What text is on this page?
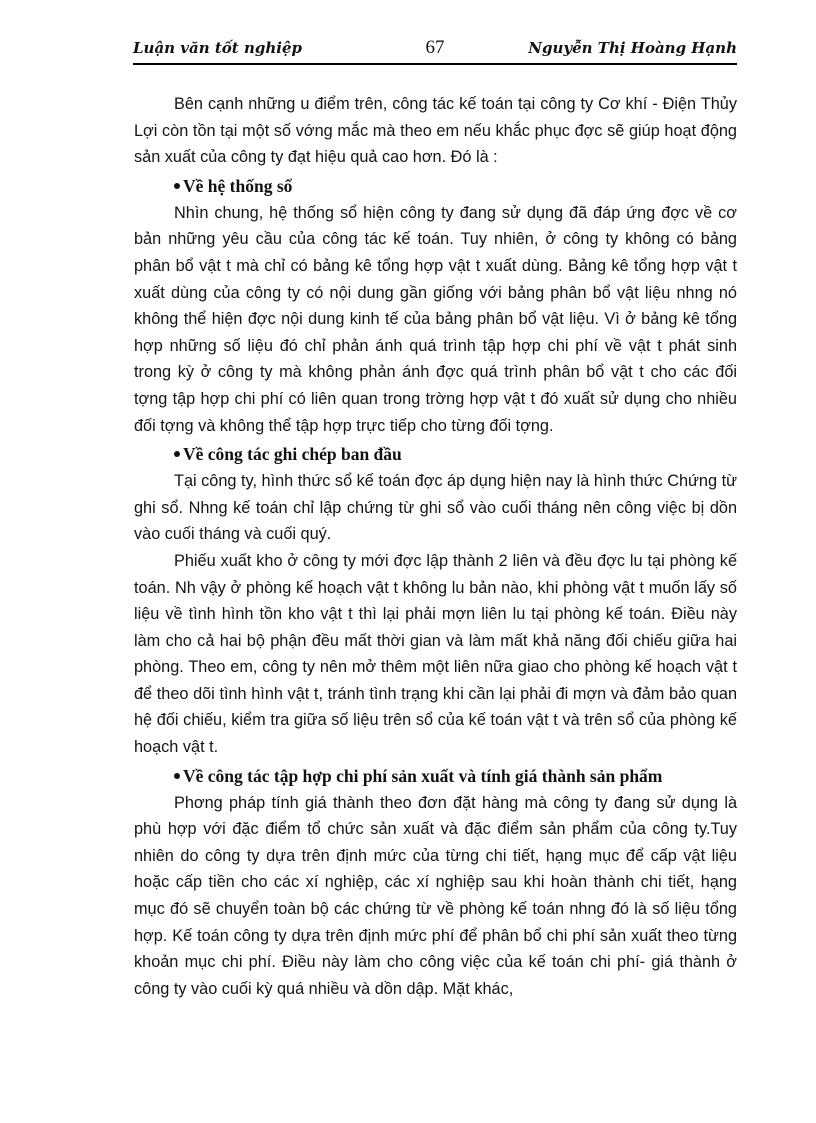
Luận văn tốt nghiệp	67	Nguyễn Thị Hoàng Hạnh

Bên cạnh những u điểm trên, công tác kế toán tại công ty Cơ khí - Điện Thủy Lợi còn tồn tại một số vớng mắc mà theo em nếu khắc phục đợc sẽ giúp hoạt động sản xuất của công ty đạt hiệu quả cao hơn. Đó là :

Về hệ thống sổ

Nhìn chung, hệ thống sổ hiện công ty đang sử dụng đã đáp ứng đợc về cơ bản những yêu cầu của công tác kế toán. Tuy nhiên, ở công ty không có bảng phân bổ vật t mà chỉ có bảng kê tổng hợp vật t xuất dùng. Bảng kê tổng hợp vật t xuất dùng của công ty có nội dung gần giống với bảng phân bổ vật liệu nhng nó không thể hiện đợc nội dung kinh tế của bảng phân bổ vật liệu. Vì ở bảng kê tổng hợp những số liệu đó chỉ phản ánh quá trình tập hợp chi phí về vật t phát sinh trong kỳ ở công ty mà không phản ánh đợc quá trình phân bổ vật t cho các đối tợng tập hợp chi phí có liên quan trong trờng hợp vật t đó xuất sử dụng cho nhiều đối tợng và không thể tập hợp trực tiếp cho từng đối tợng.

Về công tác ghi chép ban đầu

Tại công ty, hình thức sổ kế toán đợc áp dụng hiện nay là hình thức Chứng từ ghi sổ. Nhng kế toán chỉ lập chứng từ ghi sổ vào cuối tháng nên công việc bị dồn vào cuối tháng và cuối quý.

Phiếu xuất kho ở công ty mới đợc lập thành 2 liên và đều đợc lu tại phòng kế toán. Nh vậy ở phòng kế hoạch vật t không lu bản nào, khi phòng vật t muốn lấy số liệu về tình hình tồn kho vật t thì lại phải mợn liên lu tại phòng kế toán. Điều này làm cho cả hai bộ phận đều mất thời gian và làm mất khả năng đối chiếu giữa hai phòng. Theo em, công ty nên mở thêm một liên nữa giao cho phòng kế hoạch vật t để theo dõi tình hình vật t, tránh tình trạng khi cần lại phải đi mợn và đảm bảo quan hệ đối chiếu, kiểm tra giữa số liệu trên sổ của kế toán vật t và trên sổ của phòng kế hoạch vật t.

Về công tác tập hợp chi phí sản xuất và tính giá thành sản phẩm

Phơng pháp tính giá thành theo đơn đặt hàng mà công ty đang sử dụng là phù hợp với đặc điểm tổ chức sản xuất và đặc điểm sản phẩm của công ty.Tuy nhiên do công ty dựa trên định mức của từng chi tiết, hạng mục để cấp vật liệu hoặc cấp tiền cho các xí nghiệp, các xí nghiệp sau khi hoàn thành chi tiết, hạng mục đó sẽ chuyển toàn bộ các chứng từ về phòng kế toán nhng đó là số liệu tổng hợp. Kế toán công ty dựa trên định mức phí để phân bổ chi phí sản xuất theo từng khoản mục chi phí. Điều này làm cho công việc của kế toán chi phí- giá thành ở công ty vào cuối kỳ quá nhiều và dồn dập. Mặt khác,
